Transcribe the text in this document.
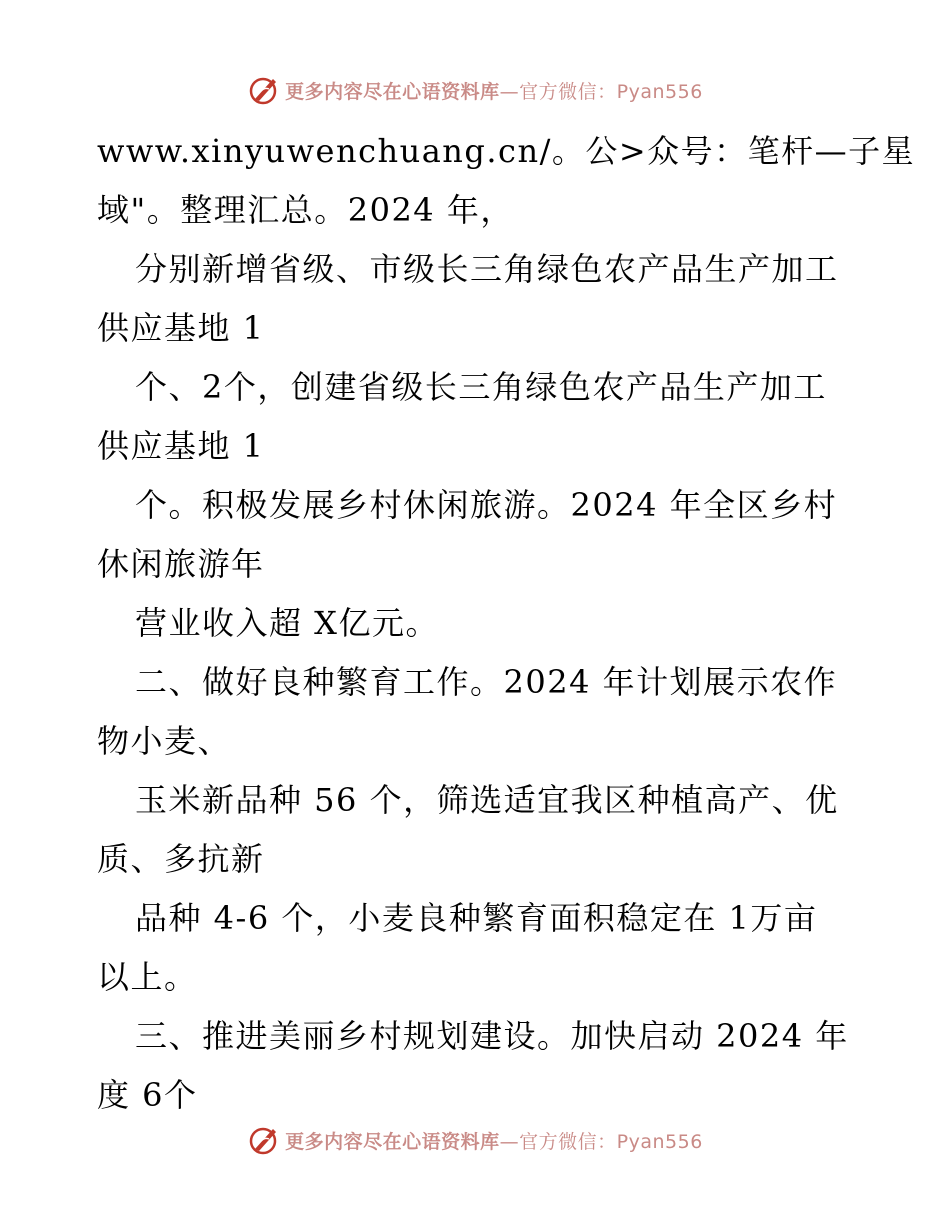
更多内容尽在心语资料库—官方微信：Pyan556
www.xinyuwenchuang.cn/。公>众号：笔杆—子星
域"。整理汇总。2024 年，
分别新增省级、市级长三角绿色农产品生产加工
供应基地 1
个、2个，创建省级长三角绿色农产品生产加工
供应基地 1
个。积极发展乡村休闲旅游。2024 年全区乡村
休闲旅游年
营业收入超 X亿元。
二、做好良种繁育工作。2024 年计划展示农作
物小麦、
玉米新品种 56 个，筛选适宜我区种植高产、优
质、多抗新
品种 4-6 个，小麦良种繁育面积稳定在 1万亩
以上。
三、推进美丽乡村规划建设。加快启动 2024 年
度 6个
更多内容尽在心语资料库—官方微信：Pyan556
